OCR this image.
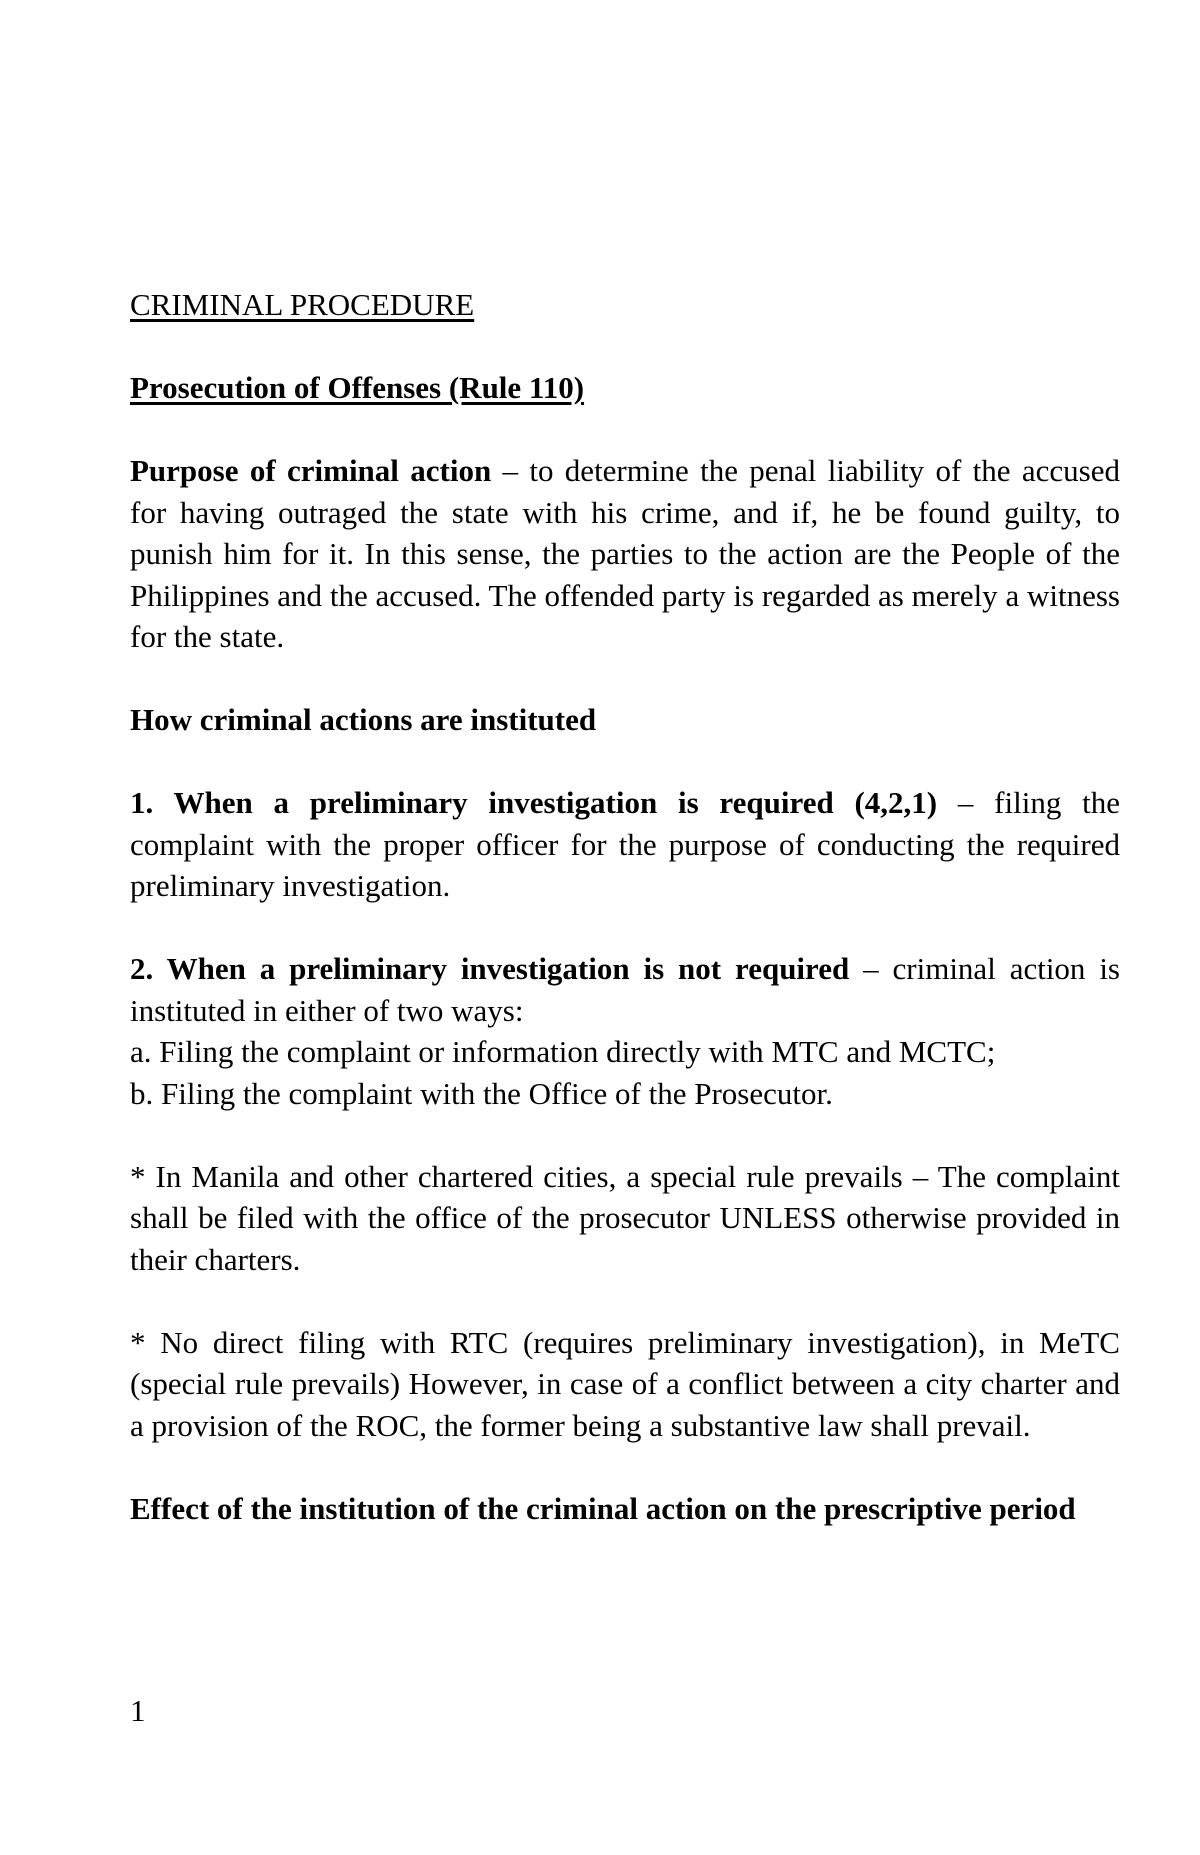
CRIMINAL PROCEDURE

Prosecution of Offenses (Rule 110)

Purpose of criminal action – to determine the penal liability of the accused for having outraged the state with his crime, and if, he be found guilty, to punish him for it. In this sense, the parties to the action are the People of the Philippines and the accused. The offended party is regarded as merely a witness for the state.

How criminal actions are instituted

1. When a preliminary investigation is required (4,2,1) – filing the complaint with the proper officer for the purpose of conducting the required preliminary investigation.

2. When a preliminary investigation is not required – criminal action is instituted in either of two ways:

a. Filing the complaint or information directly with MTC and MCTC;

b. Filing the complaint with the Office of the Prosecutor.

* In Manila and other chartered cities, a special rule prevails – The complaint shall be filed with the office of the prosecutor UNLESS otherwise provided in their charters.

* No direct filing with RTC (requires preliminary investigation), in MeTC (special rule prevails) However, in case of a conflict between a city charter and a provision of the ROC, the former being a substantive law shall prevail.

Effect of the institution of the criminal action on the prescriptive period

1
